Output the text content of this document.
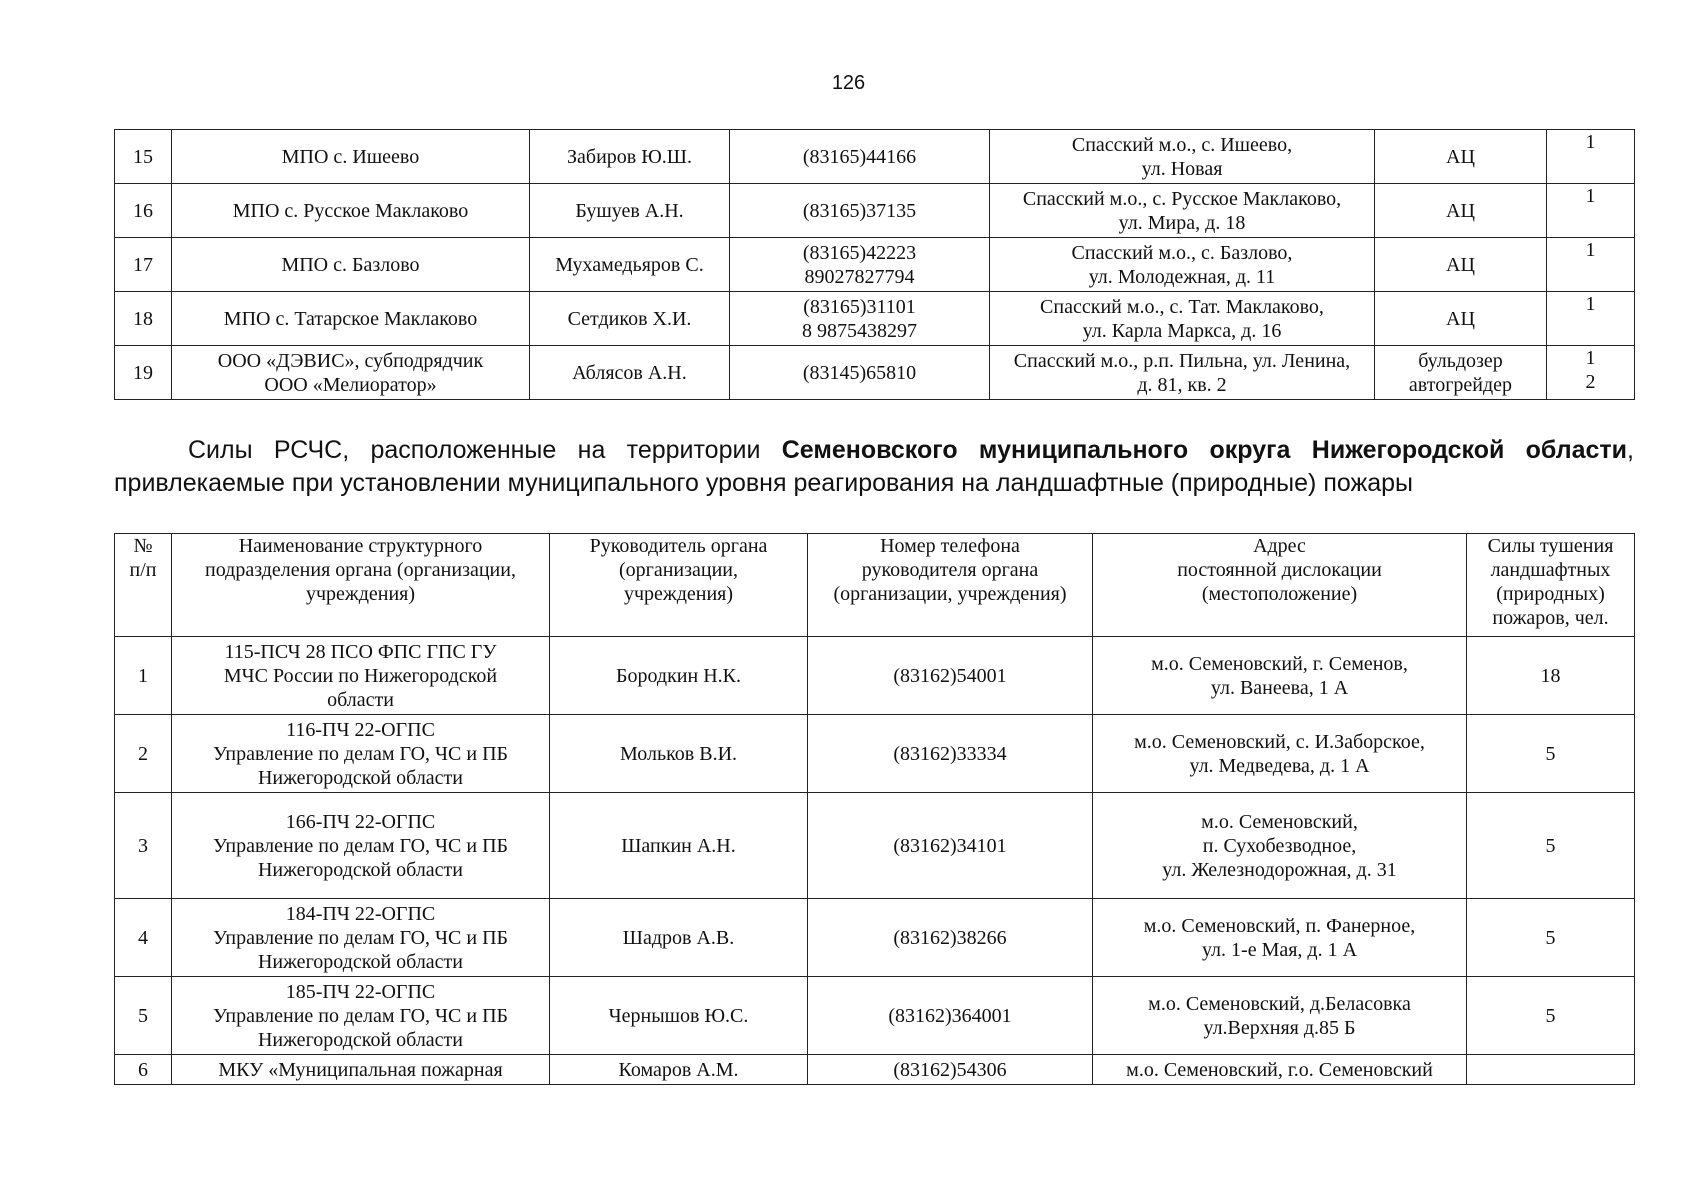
126
15	МПО с. Ишеево	Забиров Ю.Ш.	(83165)44166	Спасский м.о., с. Ишеево,
ул. Новая	АЦ	1
16	МПО с. Русское Маклаково	Бушуев А.Н.	(83165)37135	Спасский м.о., с. Русское Маклаково,
ул. Мира, д. 18	АЦ	1
17	МПО с. Базлово	Мухамедьяров С.	(83165)42223
89027827794	Спасский м.о., с. Базлово,
ул. Молодежная, д. 11	АЦ	1
18	МПО с. Татарское Маклаково	Сетдиков Х.И.	(83165)31101
8 9875438297	Спасский м.о., с. Тат. Маклаково,
ул. Карла Маркса, д. 16	АЦ	1
19	ООО «ДЭВИС», субподрядчик
ООО «Мелиоратор»	Аблясов А.Н.	(83145)65810	Спасский м.о., р.п. Пильна, ул. Ленина,
д. 81, кв. 2	бульдозер
автогрейдер	1
2
Силы РСЧС, расположенные на территории Семеновского муниципального округа Нижегородской области, привлекаемые при установлении муниципального уровня реагирования на ландшафтные (природные) пожары
№
п/п	Наименование структурного
подразделения органа (организации,
учреждения)	Руководитель органа
(организации,
учреждения)	Номер телефона
руководителя органа
(организации, учреждения)	Адрес
постоянной дислокации
(местоположение)	Силы тушения
ландшафтных
(природных)
пожаров, чел.
1	115-ПСЧ 28 ПСО ФПС ГПС ГУ
МЧС России по Нижегородской
области	Бородкин Н.К.	(83162)54001	м.о. Семеновский, г. Семенов,
ул. Ванеева, 1 А	18
2	116-ПЧ 22-ОГПС
Управление по делам ГО, ЧС и ПБ
Нижегородской области	Мольков В.И.	(83162)33334	м.о. Семеновский, с. И.Заборское,
ул. Медведева, д. 1 А	5
3	166-ПЧ 22-ОГПС
Управление по делам ГО, ЧС и ПБ
Нижегородской области	Шапкин А.Н.	(83162)34101	м.о. Семеновский,
п. Сухобезводное,
ул. Железнодорожная, д. 31	5
4	184-ПЧ 22-ОГПС
Управление по делам ГО, ЧС и ПБ
Нижегородской области	Шадров А.В.	(83162)38266	м.о. Семеновский, п. Фанерное,
ул. 1-е Мая, д. 1 А	5
5	185-ПЧ 22-ОГПС
Управление по делам ГО, ЧС и ПБ
Нижегородской области	Чернышов Ю.С.	(83162)364001	м.о. Семеновский, д.Беласовка
ул.Верхняя д.85 Б	5
6	МКУ «Муниципальная пожарная	Комаров А.М.	(83162)54306	м.о. Семеновский, г.о. Семеновский	
